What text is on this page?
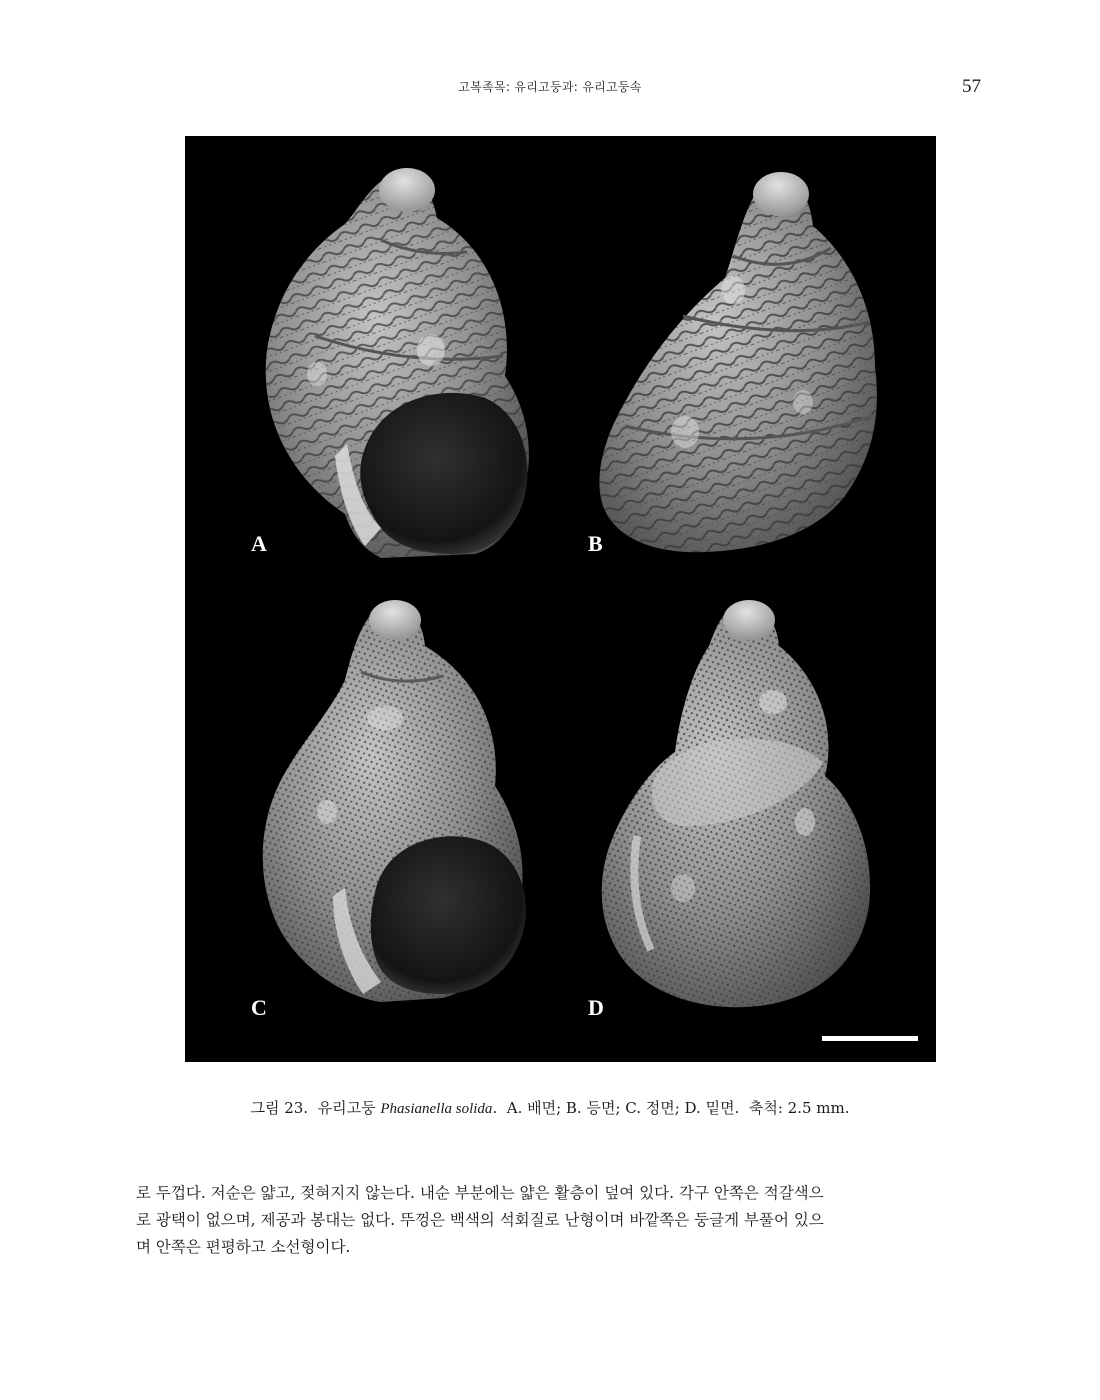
고복족목: 유리고둥과: 유리고둥속	57
A	B
C	D
그림 23.  유리고둥 Phasianella solida.  A. 배면; B. 등면; C. 정면; D. 밑면.  축척: 2.5 mm.
로 두껍다. 저순은 얇고, 젖혀지지 않는다. 내순 부분에는 얇은 활층이 덮여 있다. 각구 안쪽은 적갈색으
로 광택이 없으며, 제공과 봉대는 없다. 뚜껑은 백색의 석회질로 난형이며 바깥쪽은 둥글게 부풀어 있으
며 안쪽은 편평하고 소선형이다.
